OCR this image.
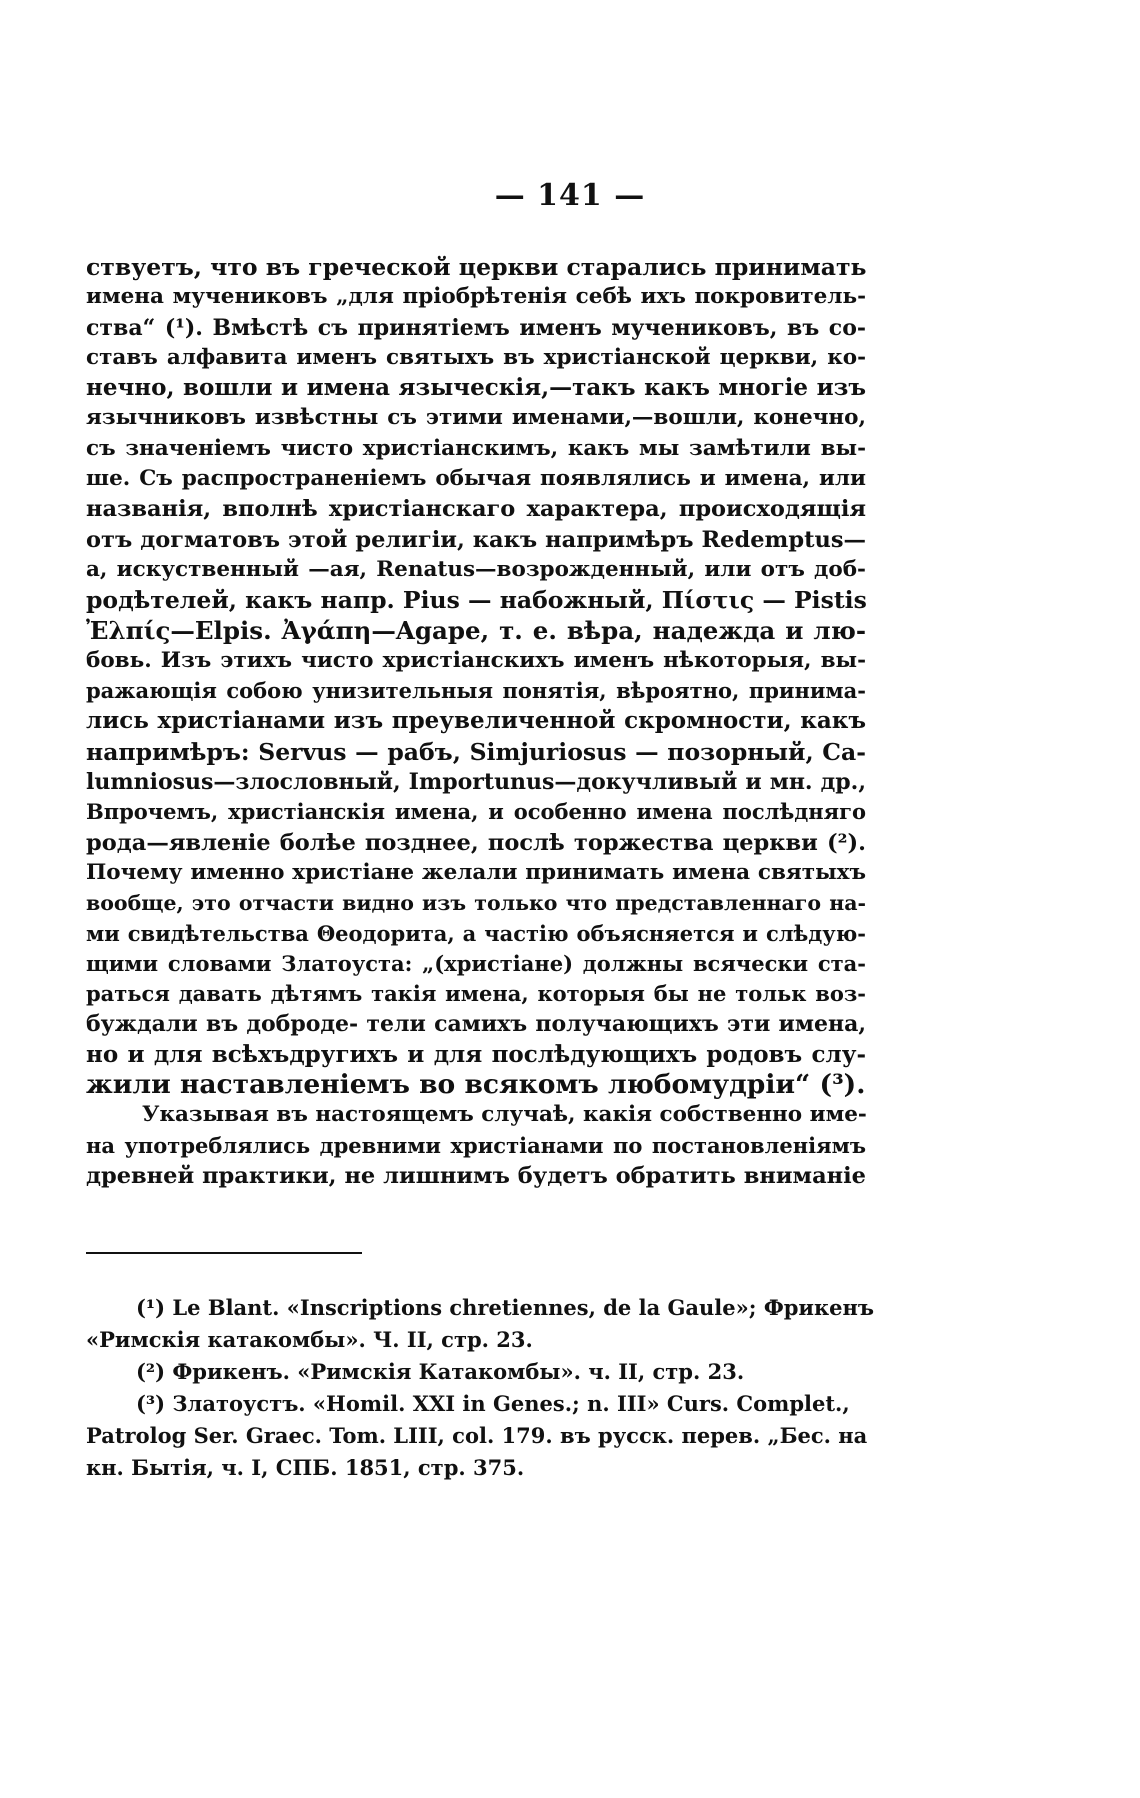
— 141 —
ствуетъ, что въ греческой церкви старались принимать
имена мучениковъ „для пріобрѣтенія себѣ ихъ покровитель-
ства“ (¹). Вмѣстѣ съ принятіемъ именъ мучениковъ, въ со-
ставъ алфавита именъ святыхъ въ христіанской церкви, ко-
нечно, вошли и имена языческія,—такъ какъ многіе изъ
язычниковъ извѣстны съ этими именами,—вошли, конечно,
съ значеніемъ чисто христіанскимъ, какъ мы замѣтили вы-
ше. Съ распространеніемъ обычая появлялись и имена, или
названія, вполнѣ христіанскаго характера, происходящія
отъ догматовъ этой религіи, какъ напримѣръ Redemptus—
a, искуственный —ая, Renatus—возрожденный, или отъ доб-
родѣтелей, какъ напр. Pius — набожный, Πίστις — Pistis
Ἐλπίς—Elpis. Ἀγάπη—Agape, т. е. вѣра, надежда и лю-
бовь. Изъ этихъ чисто христіанскихъ именъ нѣкоторыя, вы-
ражающія собою унизительныя понятія, вѣроятно, принима-
лись христіанами изъ преувеличенной скромности, какъ
напримѣръ: Servus — рабъ, Simjuriosus — позорный, Ca-
lumniosus—злословный, Importunus—докучливый и мн. др.,
Впрочемъ, христіанскія имена, и особенно имена послѣдняго
рода—явленіе болѣе позднее, послѣ торжества церкви (²).
Почему именно христіане желали принимать имена святыхъ
вообще, это отчасти видно изъ только что представленнаго на-
ми свидѣтельства Θеодорита, а частію объясняется и слѣдую-
щими словами Златоуста: „(христіане) должны всячески ста-
раться давать дѣтямъ такія имена, которыя бы не тольк воз-
буждали въ доброде- тели самихъ получающихъ эти имена,
но и для всѣхъдругихъ и для послѣдующихъ родовъ слу-
жили наставленіемъ во всякомъ любомудріи“ (³).
Указывая въ настоящемъ случаѣ, какія собственно име-
на употреблялись древними христіанами по постановленіямъ
древней практики, не лишнимъ будетъ обратить вниманіе
(¹) Le Blant. «Inscriptions chretiennes, de la Gaule»; Фрикенъ
«Римскія катакомбы». Ч. II, стр. 23.
(²) Фрикенъ. «Римскія Катакомбы». ч. II, стр. 23.
(³) Златоустъ. «Homil. XXI in Genes.; n. III» Curs. Complet.,
Patrolog Ser. Graec. Tom. LIII, col. 179. въ русск. перев. „Бес. на
кн. Бытія, ч. I, СПБ. 1851, стр. 375.
